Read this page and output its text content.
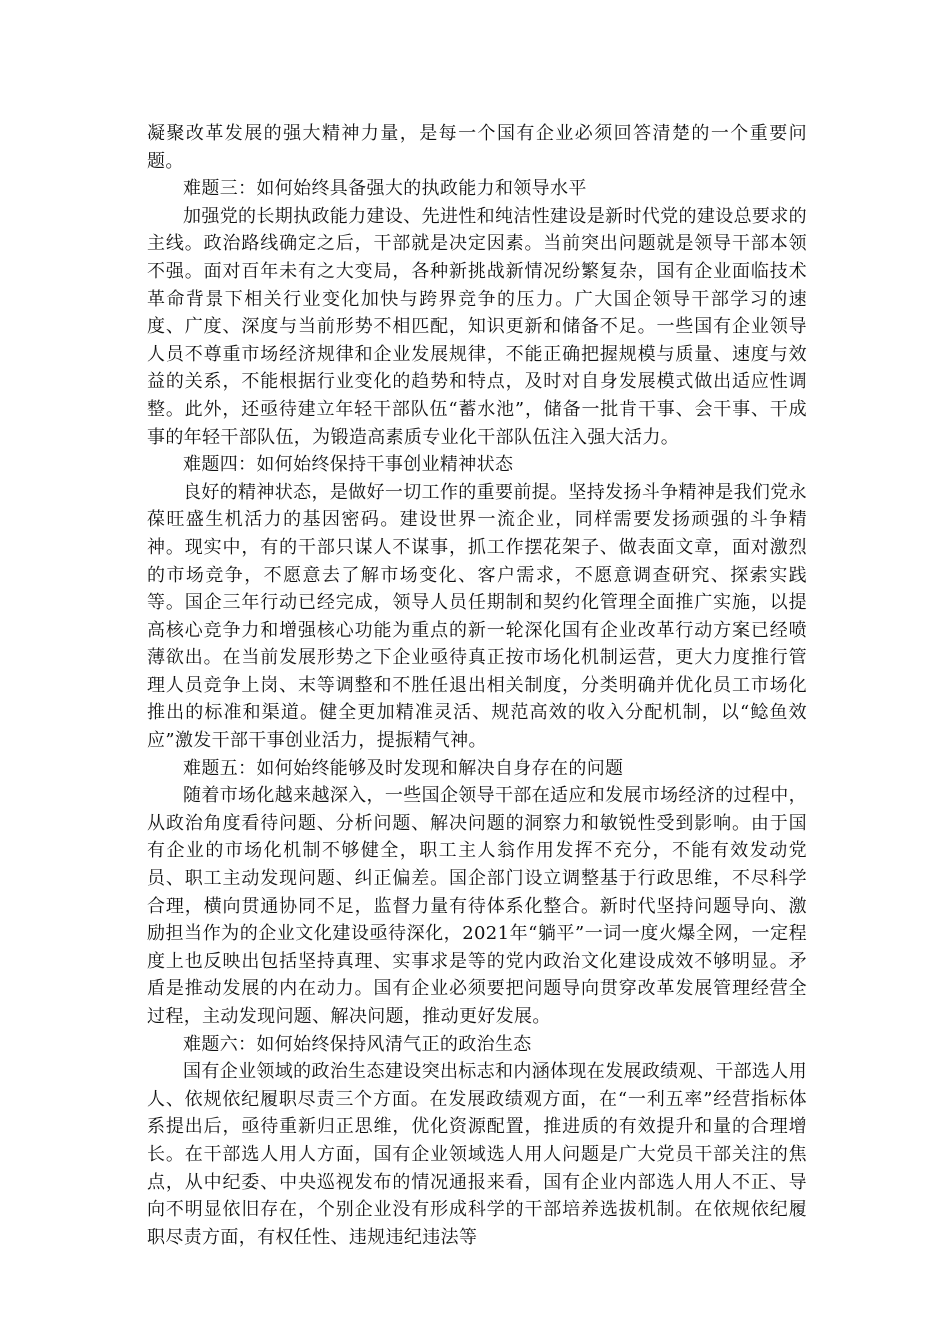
凝聚改革发展的强大精神力量，是每一个国有企业必须回答清楚的一个重要问题。

难题三：如何始终具备强大的执政能力和领导水平

加强党的长期执政能力建设、先进性和纯洁性建设是新时代党的建设总要求的主线。政治路线确定之后，干部就是决定因素。当前突出问题就是领导干部本领不强。面对百年未有之大变局，各种新挑战新情况纷繁复杂，国有企业面临技术革命背景下相关行业变化加快与跨界竞争的压力。广大国企领导干部学习的速度、广度、深度与当前形势不相匹配，知识更新和储备不足。一些国有企业领导人员不尊重市场经济规律和企业发展规律，不能正确把握规模与质量、速度与效益的关系，不能根据行业变化的趋势和特点，及时对自身发展模式做出适应性调整。此外，还亟待建立年轻干部队伍“蓄水池”，储备一批肯干事、会干事、干成事的年轻干部队伍，为锻造高素质专业化干部队伍注入强大活力。

难题四：如何始终保持干事创业精神状态

良好的精神状态，是做好一切工作的重要前提。坚持发扬斗争精神是我们党永葆旺盛生机活力的基因密码。建设世界一流企业，同样需要发扬顽强的斗争精神。现实中，有的干部只谋人不谋事，抓工作摆花架子、做表面文章，面对激烈的市场竞争，不愿意去了解市场变化、客户需求，不愿意调查研究、探索实践等。国企三年行动已经完成，领导人员任期制和契约化管理全面推广实施，以提高核心竞争力和增强核心功能为重点的新一轮深化国有企业改革行动方案已经喷薄欲出。在当前发展形势之下企业亟待真正按市场化机制运营，更大力度推行管理人员竞争上岗、末等调整和不胜任退出相关制度，分类明确并优化员工市场化推出的标准和渠道。健全更加精准灵活、规范高效的收入分配机制，以“鲶鱼效应”激发干部干事创业活力，提振精气神。

难题五：如何始终能够及时发现和解决自身存在的问题

随着市场化越来越深入，一些国企领导干部在适应和发展市场经济的过程中，从政治角度看待问题、分析问题、解决问题的洞察力和敏锐性受到影响。由于国有企业的市场化机制不够健全，职工主人翁作用发挥不充分，不能有效发动党员、职工主动发现问题、纠正偏差。国企部门设立调整基于行政思维，不尽科学合理，横向贯通协同不足，监督力量有待体系化整合。新时代坚持问题导向、激励担当作为的企业文化建设亟待深化，2021年“躺平”一词一度火爆全网，一定程度上也反映出包括坚持真理、实事求是等的党内政治文化建设成效不够明显。矛盾是推动发展的内在动力。国有企业必须要把问题导向贯穿改革发展管理经营全过程，主动发现问题、解决问题，推动更好发展。

难题六：如何始终保持风清气正的政治生态

国有企业领域的政治生态建设突出标志和内涵体现在发展政绩观、干部选人用人、依规依纪履职尽责三个方面。在发展政绩观方面，在“一利五率”经营指标体系提出后，亟待重新归正思维，优化资源配置，推进质的有效提升和量的合理增长。在干部选人用人方面，国有企业领域选人用人问题是广大党员干部关注的焦点，从中纪委、中央巡视发布的情况通报来看，国有企业内部选人用人不正、导向不明显依旧存在，个别企业没有形成科学的干部培养选拔机制。在依规依纪履职尽责方面，有权任性、违规违纪违法等
